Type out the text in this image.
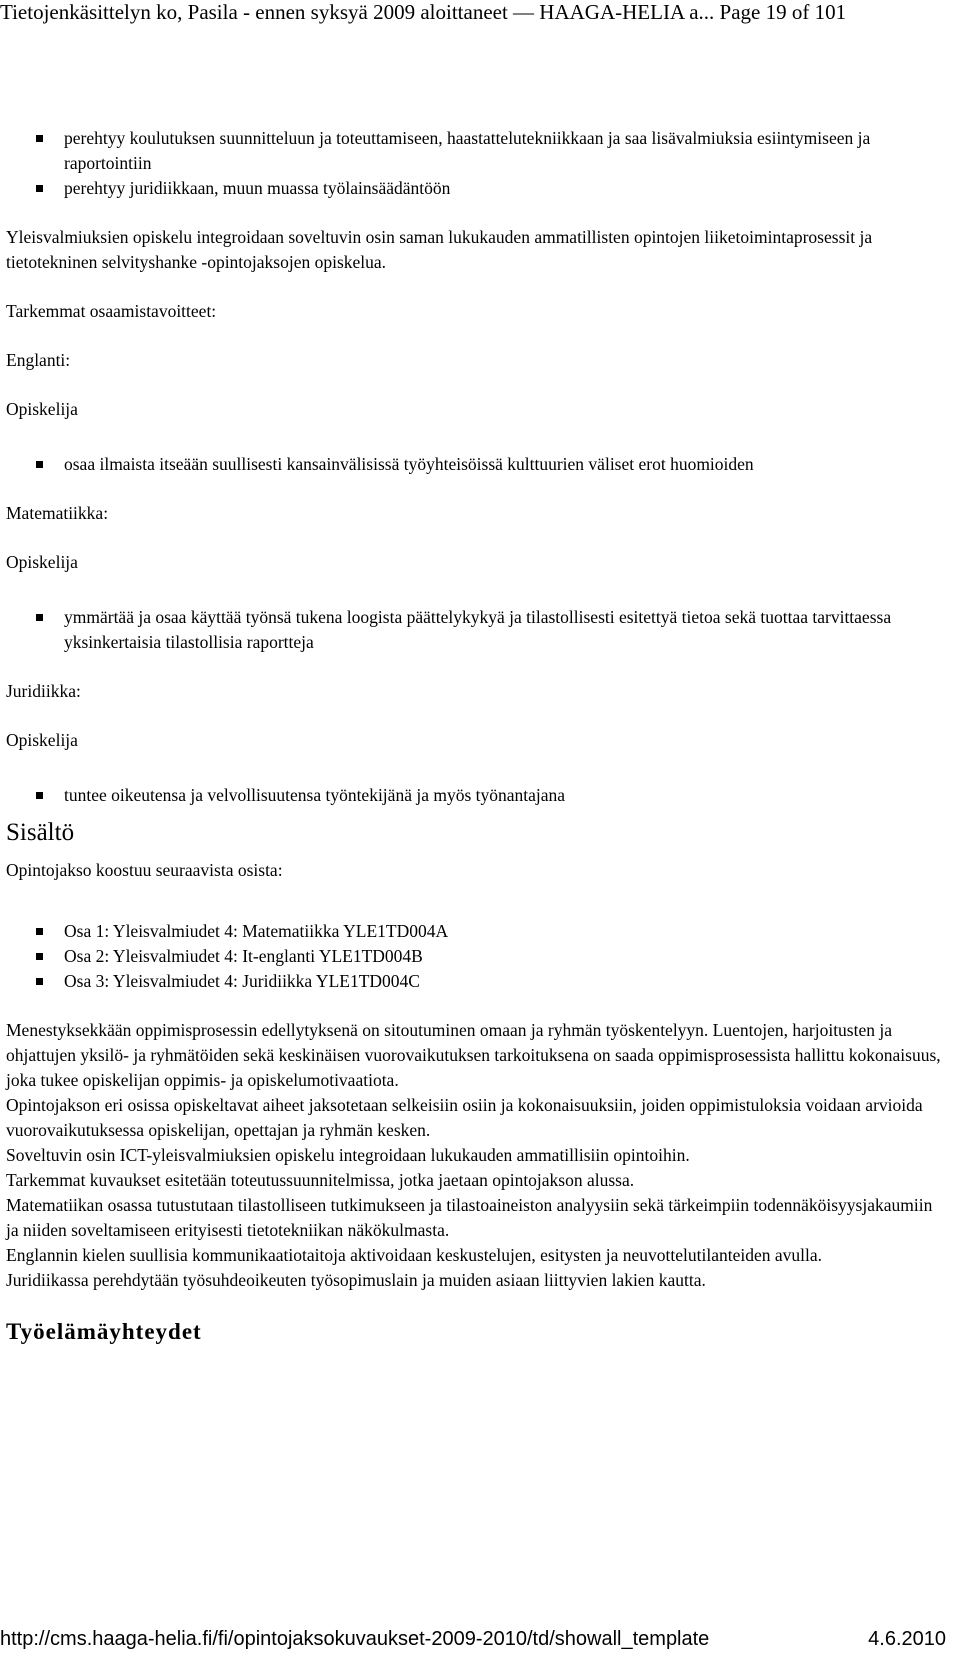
Tietojenkäsittelyn ko, Pasila - ennen syksyä 2009 aloittaneet — HAAGA-HELIA a... Page 19 of 101
perehtyy koulutuksen suunnitteluun ja toteuttamiseen, haastattelutekniikkaan ja saa lisävalmiuksia esiintymiseen ja raportointiin
perehtyy juridiikkaan, muun muassa työlainsäädäntöön

Yleisvalmiuksien opiskelu integroidaan soveltuvin osin saman lukukauden ammatillisten opintojen liiketoimintaprosessit ja tietotekninen selvityshanke -opintojaksojen opiskelua.

Tarkemmat osaamistavoitteet:

Englanti:

Opiskelija

osaa ilmaista itseään suullisesti kansainvälisissä työyhteisöissä kulttuurien väliset erot huomioiden

Matematiikka:

Opiskelija

ymmärtää ja osaa käyttää työnsä tukena loogista päättelykykyä ja tilastollisesti esitettyä tietoa sekä tuottaa tarvittaessa yksinkertaisia tilastollisia raportteja

Juridiikka:

Opiskelija

tuntee oikeutensa ja velvollisuutensa työntekijänä ja myös työnantajana
Sisältö

Opintojakso koostuu seuraavista osista:

Osa 1: Yleisvalmiudet 4: Matematiikka YLE1TD004A
Osa 2: Yleisvalmiudet 4: It-englanti YLE1TD004B
Osa 3: Yleisvalmiudet 4: Juridiikka YLE1TD004C

Menestyksekkään oppimisprosessin edellytyksenä on sitoutuminen omaan ja ryhmän työskentelyyn. Luentojen, harjoitusten ja ohjattujen yksilö- ja ryhmätöiden sekä keskinäisen vuorovaikutuksen tarkoituksena on saada oppimisprosessista hallittu kokonaisuus, joka tukee opiskelijan oppimis- ja opiskelumotivaatiota.

Opintojakson eri osissa opiskeltavat aiheet jaksotetaan selkeisiin osiin ja kokonaisuuksiin, joiden oppimistuloksia voidaan arvioida vuorovaikutuksessa opiskelijan, opettajan ja ryhmän kesken.

Soveltuvin osin ICT-yleisvalmiuksien opiskelu integroidaan lukukauden ammatillisiin opintoihin.

Tarkemmat kuvaukset esitetään toteutussuunnitelmissa, jotka jaetaan opintojakson alussa.

Matematiikan osassa tutustutaan tilastolliseen tutkimukseen ja tilastoaineiston analyysiin sekä tärkeimpiin todennäköisyysjakaumiin ja niiden soveltamiseen erityisesti tietotekniikan näkökulmasta.

Englannin kielen suullisia kommunikaatiotaitoja aktivoidaan keskustelujen, esitysten ja neuvottelutilanteiden avulla.

Juridiikassa perehdytään työsuhdeoikeuten työsopimuslain ja muiden asiaan liittyvien lakien kautta.

Työelämäyhteydet
http://cms.haaga-helia.fi/fi/opintojaksokuvaukset-2009-2010/td/showall_template	4.6.2010
